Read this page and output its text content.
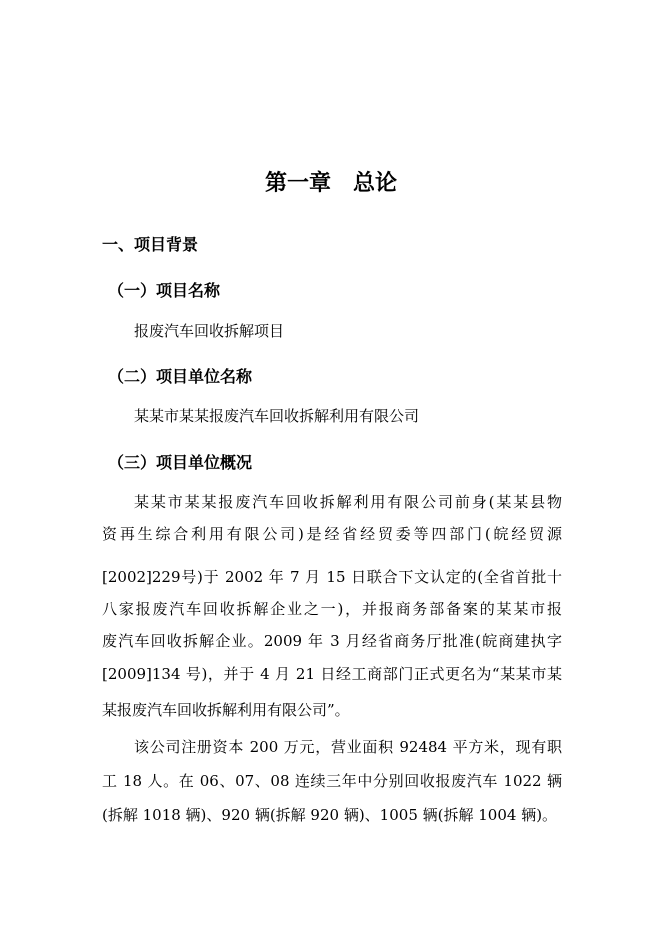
第一章　总论
一、项目背景
（一）项目名称
报废汽车回收拆解项目
（二）项目单位名称
某某市某某报废汽车回收拆解利用有限公司
（三）项目单位概况
某某市某某报废汽车回收拆解利用有限公司前身(某某县物
资再生综合利用有限公司)是经省经贸委等四部门(皖经贸源
[2002]229号)于 2002 年 7 月 15 日联合下文认定的(全省首批十
八家报废汽车回收拆解企业之一)，并报商务部备案的某某市报
废汽车回收拆解企业。2009 年 3 月经省商务厅批准(皖商建执字
[2009]134 号)，并于 4 月 21 日经工商部门正式更名为“某某市某
某报废汽车回收拆解利用有限公司”。
该公司注册资本 200 万元，营业面积 92484 平方米，现有职
工 18 人。在 06、07、08 连续三年中分别回收报废汽车 1022 辆
(拆解 1018 辆)、920 辆(拆解 920 辆)、1005 辆(拆解 1004 辆)。
